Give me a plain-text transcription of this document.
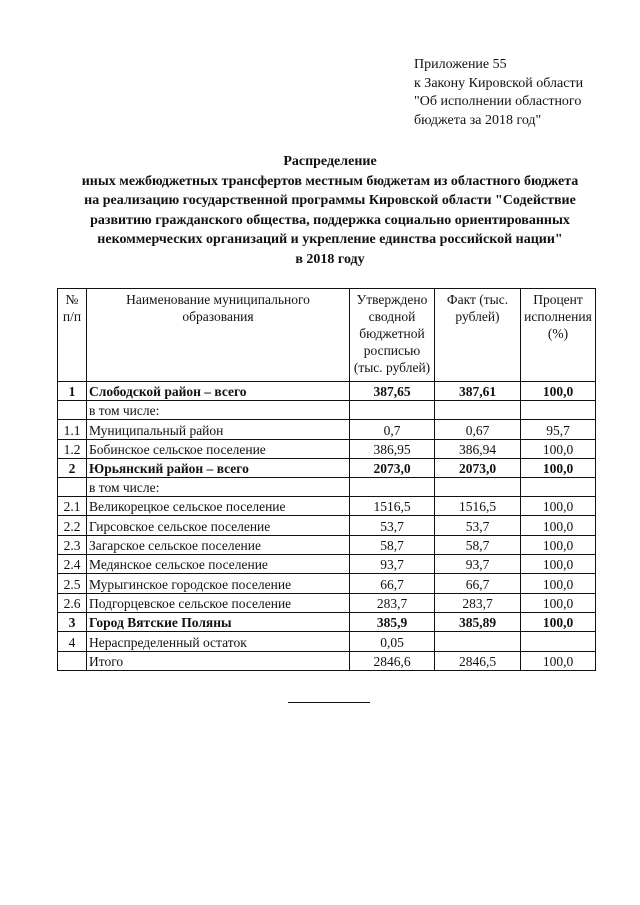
Приложение 55
к Закону Кировской области
"Об исполнении областного
бюджета за 2018 год"
Распределение
иных межбюджетных трансфертов местным бюджетам из областного бюджета
на реализацию государственной программы Кировской области "Содействие
развитию гражданского общества, поддержка социально ориентированных
некоммерческих организаций и укрепление единства российской нации"
в 2018 году
№ п/п	Наименование муниципального образования	Утверждено сводной бюджетной росписью (тыс. рублей)	Факт (тыс. рублей)	Процент исполнения (%)
1	Слободской район – всего	387,65	387,61	100,0
	в том числе:			
1.1	Муниципальный район	0,7	0,67	95,7
1.2	Бобинское сельское поселение	386,95	386,94	100,0
2	Юрьянский район – всего	2073,0	2073,0	100,0
	в том числе:			
2.1	Великорецкое сельское поселение	1516,5	1516,5	100,0
2.2	Гирсовское сельское поселение	53,7	53,7	100,0
2.3	Загарское сельское поселение	58,7	58,7	100,0
2.4	Медянское сельское поселение	93,7	93,7	100,0
2.5	Мурыгинское городское поселение	66,7	66,7	100,0
2.6	Подгорцевское сельское поселение	283,7	283,7	100,0
3	Город Вятские Поляны	385,9	385,89	100,0
4	Нераспределенный остаток	0,05		
	Итого	2846,6	2846,5	100,0
